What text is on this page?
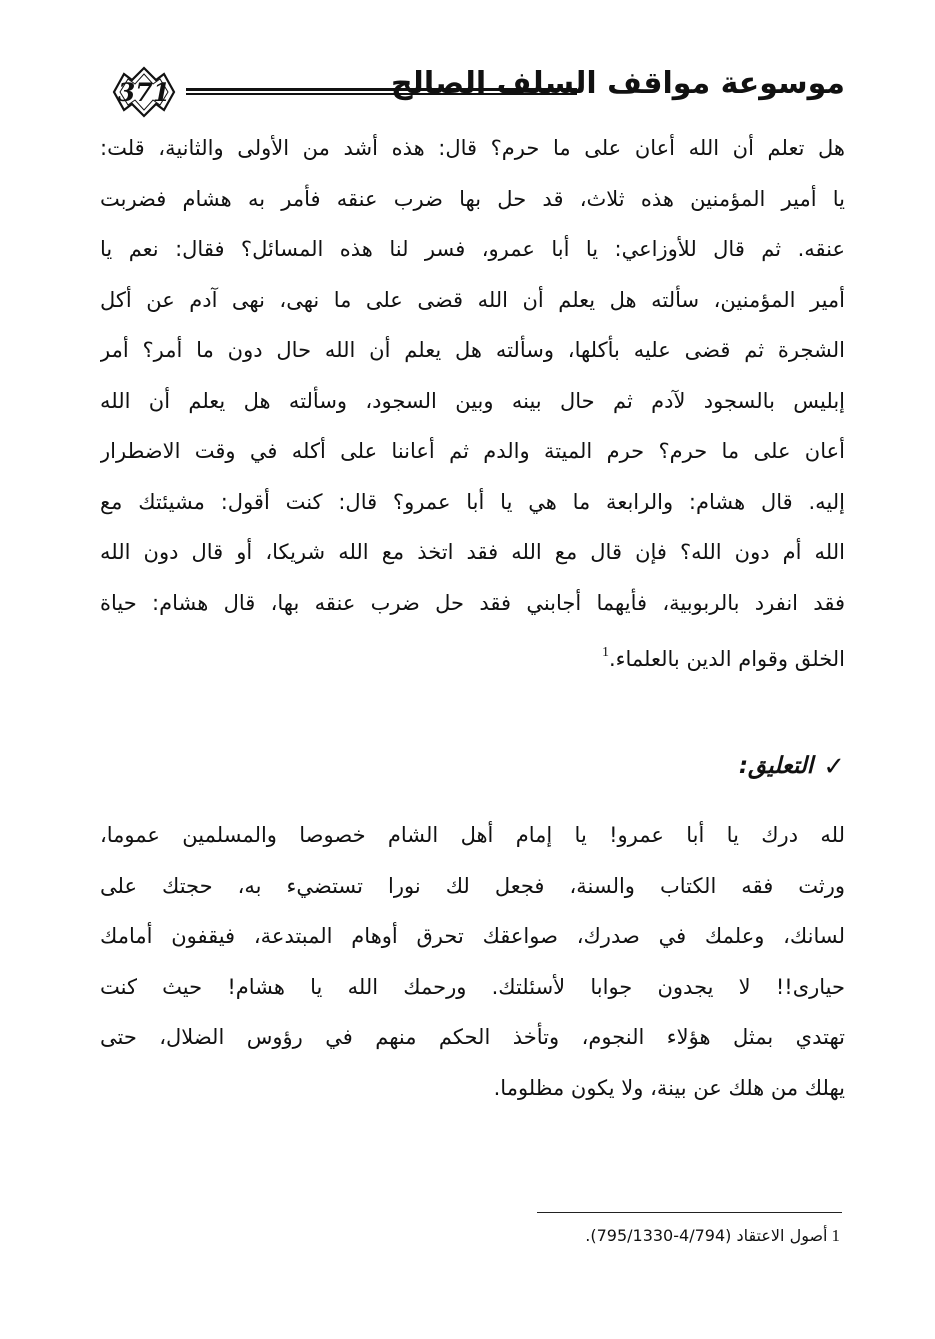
371	موسوعة مواقف السلف الصالح
هل تعلم أن الله أعان على ما حرم؟ قال: هذه أشد من الأولى والثانية، قلت:
يا أمير المؤمنين هذه ثلاث، قد حل بها ضرب عنقه فأمر به هشام فضربت
عنقه. ثم قال للأوزاعي: يا أبا عمرو، فسر لنا هذه المسائل؟ فقال: نعم يا
أمير المؤمنين، سألته هل يعلم أن الله قضى على ما نهى، نهى آدم عن أكل
الشجرة ثم قضى عليه بأكلها، وسألته هل يعلم أن الله حال دون ما أمر؟ أمر
إبليس بالسجود لآدم ثم حال بينه وبين السجود، وسألته هل يعلم أن الله
أعان على ما حرم؟ حرم الميتة والدم ثم أعاننا على أكله في وقت الاضطرار
إليه. قال هشام: والرابعة ما هي يا أبا عمرو؟ قال: كنت أقول: مشيئتك مع
الله أم دون الله؟ فإن قال مع الله فقد اتخذ مع الله شريكا، أو قال دون الله
فقد انفرد بالربوبية، فأيهما أجابني فقد حل ضرب عنقه بها، قال هشام: حياة
الخلق وقوام الدين بالعلماء.$^1$
✓التعليق:
لله درك يا أبا عمرو! يا إمام أهل الشام خصوصا والمسلمين عموما،
ورثت فقه الكتاب والسنة، فجعل لك نورا تستضيء به، حجتك على
لسانك، وعلمك في صدرك، صواعقك تحرق أوهام المبتدعة، فيقفون أمامك
حيارى!! لا يجدون جوابا لأسئلتك. ورحمك الله يا هشام! حيث كنت
تهتدي بمثل هؤلاء النجوم، وتأخذ الحكم منهم في رؤوس الضلال، حتى
يهلك من هلك عن بينة، ولا يكون مظلوما.
1أصول الاعتقاد (4/794-795/1330).
